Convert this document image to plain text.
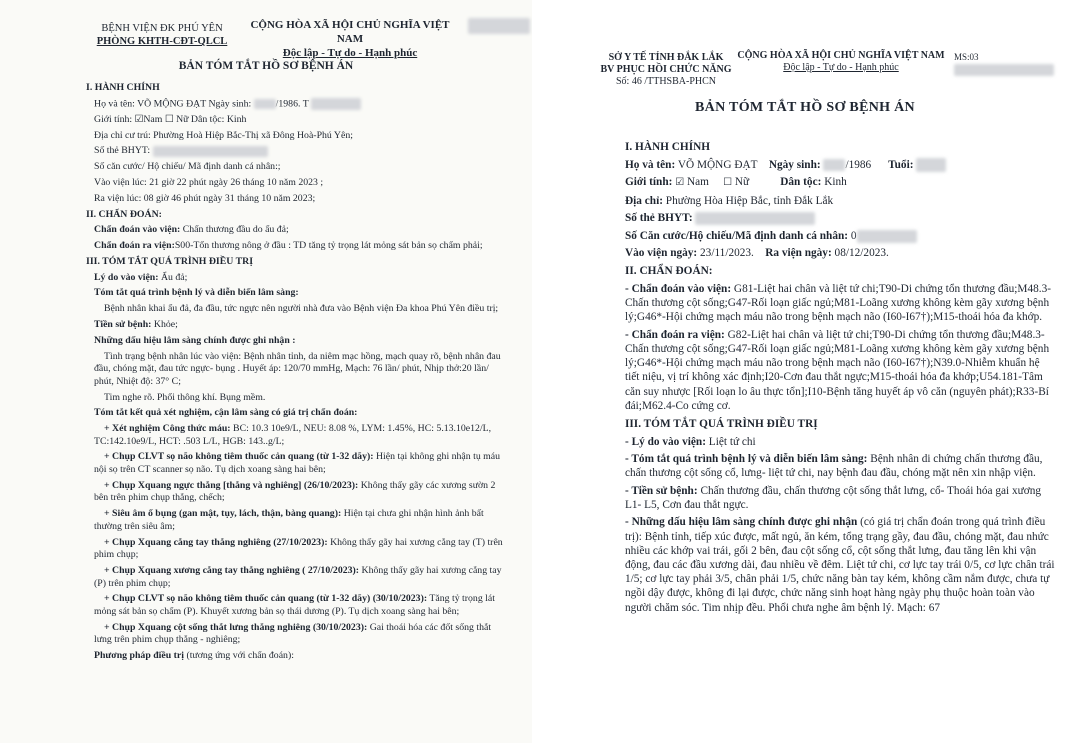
BỆNH VIỆN ĐK PHÚ YÊN
PHÒNG KHTH-CĐT-QLCL
CỘNG HÒA XÃ HỘI CHỦ NGHĨA VIỆT NAM
Độc lập - Tự do - Hạnh phúc
BẢN TÓM TẮT HỒ SƠ BỆNH ÁN

I. HÀNH CHÍNH

Họ và tên: VÕ MỘNG ĐẠT Ngày sinh: /1986. T

Giới tính: ☑Nam ☐ Nữ Dân tộc: Kinh

Địa chỉ cư trú: Phường Hoà Hiệp Bắc-Thị xã Đông Hoà-Phú Yên;

Số thẻ BHYT:

Số căn cước/ Hộ chiếu/ Mã định danh cá nhân:;

Vào viện lúc: 21 giờ 22 phút ngày 26 tháng 10 năm 2023 ;

Ra viện lúc: 08 giờ 46 phút ngày 31 tháng 10 năm 2023;

II. CHẨN ĐOÁN:

Chẩn đoán vào viện: Chấn thương đầu do ẩu đả;

Chẩn đoán ra viện:S00-Tổn thương nông ở đầu : TD tăng tỷ trọng lát mỏng sát bản sọ chẩm phải;

III. TÓM TẮT QUÁ TRÌNH ĐIỀU TRỊ

Lý do vào viện: Ẩu đả;

Tóm tắt quá trình bệnh lý và diễn biến lâm sàng:

Bệnh nhân khai ẩu đả, đa đầu, tức ngực nên người nhà đưa vào Bệnh viện Đa khoa Phú Yên điều trị;

Tiền sử bệnh: Khỏe;

Những dấu hiệu lâm sàng chính được ghi nhận :

Tình trạng bệnh nhân lúc vào viện: Bệnh nhân tỉnh, da niêm mạc hồng, mạch quay rõ, bệnh nhân đau đầu, chóng mặt, đau tức ngực- bụng . Huyết áp: 120/70 mmHg, Mạch: 76 lần/ phút, Nhịp thở:20 lần/ phút, Nhiệt độ: 37° C;

Tim nghe rõ. Phổi thông khí. Bụng mềm.

Tóm tắt kết quả xét nghiệm, cận lâm sàng có giá trị chẩn đoán:

+ Xét nghiệm Công thức máu: BC: 10.3 10e9/L, NEU: 8.08 %, LYM: 1.45%, HC: 5.13.10e12/L, TC:142.10e9/L, HCT: .503 L/L, HGB: 143..g/L;

+ Chụp CLVT sọ não không tiêm thuốc cản quang (từ 1-32 dãy): Hiện tại không ghi nhận tụ máu nội sọ trên CT scanner sọ não. Tụ dịch xoang sàng hai bên;

+ Chụp Xquang ngực thẳng [thẳng và nghiêng] (26/10/2023): Không thấy gãy các xương sườn 2 bên trên phim chụp thẳng, chếch;

+ Siêu âm ổ bụng (gan mật, tụy, lách, thận, bàng quang): Hiện tại chưa ghi nhận hình ảnh bất thường trên siêu âm;

+ Chụp Xquang cẳng tay thẳng nghiêng (27/10/2023): Không thấy gãy hai xương cẳng tay (T) trên phim chụp;

+ Chụp Xquang xương cẳng tay thẳng nghiêng ( 27/10/2023): Không thấy gãy hai xương cẳng tay (P) trên phim chụp;

+ Chụp CLVT sọ não không tiêm thuốc cản quang (từ 1-32 dãy) (30/10/2023): Tăng tỷ trọng lát mỏng sát bản sọ chẩm (P). Khuyết xương bản sọ thái dương (P). Tụ dịch xoang sàng hai bên;

+ Chụp Xquang cột sống thắt lưng thẳng nghiêng (30/10/2023): Gai thoái hóa các đốt sống thắt lưng trên phim chụp thẳng - nghiêng;

Phương pháp điều trị (tương ứng với chẩn đoán):

SỞ Y TẾ TỈNH ĐẮK LẮK
BV PHỤC HỒI CHỨC NĂNG
Số: 46 /TTHSBA-PHCN
CỘNG HÒA XÃ HỘI CHỦ NGHĨA VIỆT NAM
Độc lập - Tự do - Hạnh phúc
MS:03
BẢN TÓM TẮT HỒ SƠ BỆNH ÁN

I. HÀNH CHÍNH

Họ và tên: VÕ MỘNG ĐẠT Ngày sinh: /1986 Tuổi:

Giới tính: ☑ Nam ☐ Nữ	Dân tộc: Kinh

Địa chỉ: Phường Hòa Hiệp Bắc, tỉnh Đắk Lắk

Số thẻ BHYT:

Số Căn cước/Hộ chiếu/Mã định danh cá nhân: 0

Vào viện ngày: 23/11/2023. Ra viện ngày: 08/12/2023.

II. CHẨN ĐOÁN:

- Chẩn đoán vào viện: G81-Liệt hai chân và liệt tứ chi;T90-Di chứng tổn thương đầu;M48.3-Chấn thương cột sống;G47-Rối loạn giấc ngủ;M81-Loãng xương không kèm gãy xương bệnh lý;G46*-Hội chứng mạch máu não trong bệnh mạch não (I60-I67†);M15-thoái hóa đa khớp.

- Chẩn đoán ra viện: G82-Liệt hai chân và liệt tứ chi;T90-Di chứng tổn thương đầu;M48.3-Chấn thương cột sống;G47-Rối loạn giấc ngủ;M81-Loãng xương không kèm gãy xương bệnh lý;G46*-Hội chứng mạch máu não trong bệnh mạch não (I60-I67†);N39.0-Nhiễm khuẩn hệ tiết niệu, vị trí không xác định;I20-Cơn đau thắt ngực;M15-thoái hóa đa khớp;U54.181-Tâm căn suy nhược [Rối loạn lo âu thực tổn];I10-Bệnh tăng huyết áp vô căn (nguyên phát);R33-Bí đái;M62.4-Co cứng cơ.

III. TÓM TẮT QUÁ TRÌNH ĐIỀU TRỊ

- Lý do vào viện: Liệt tứ chi

- Tóm tắt quá trình bệnh lý và diễn biến lâm sàng: Bệnh nhân di chứng chấn thương đầu, chấn thương cột sống cổ, lưng- liệt tứ chi, nay bệnh đau đầu, chóng mặt nên xin nhập viện.

- Tiền sử bệnh: Chấn thương đầu, chấn thương cột sống thắt lưng, cổ- Thoái hóa gai xương L1- L5, Cơn đau thắt ngực.

- Những dấu hiệu lâm sàng chính được ghi nhận (có giá trị chẩn đoán trong quá trình điều trị): Bệnh tỉnh, tiếp xúc được, mất ngủ, ăn kém, tổng trạng gầy, đau đầu, chóng mặt, đau nhức nhiều các khớp vai trái, gối 2 bên, đau cột sống cổ, cột sống thắt lưng, đau tăng lên khi vận động, đau các đầu xương dài, đau nhiều về đêm. Liệt tứ chi, cơ lực tay trái 0/5, cơ lực chân trái 1/5; cơ lực tay phải 3/5, chân phải 1/5, chức năng bàn tay kém, không cầm nắm được, chưa tự ngồi dậy được, không đi lại được, chức năng sinh hoạt hàng ngày phụ thuộc hoàn toàn vào người chăm sóc. Tim nhịp đều. Phổi chưa nghe âm bệnh lý. Mạch: 67
